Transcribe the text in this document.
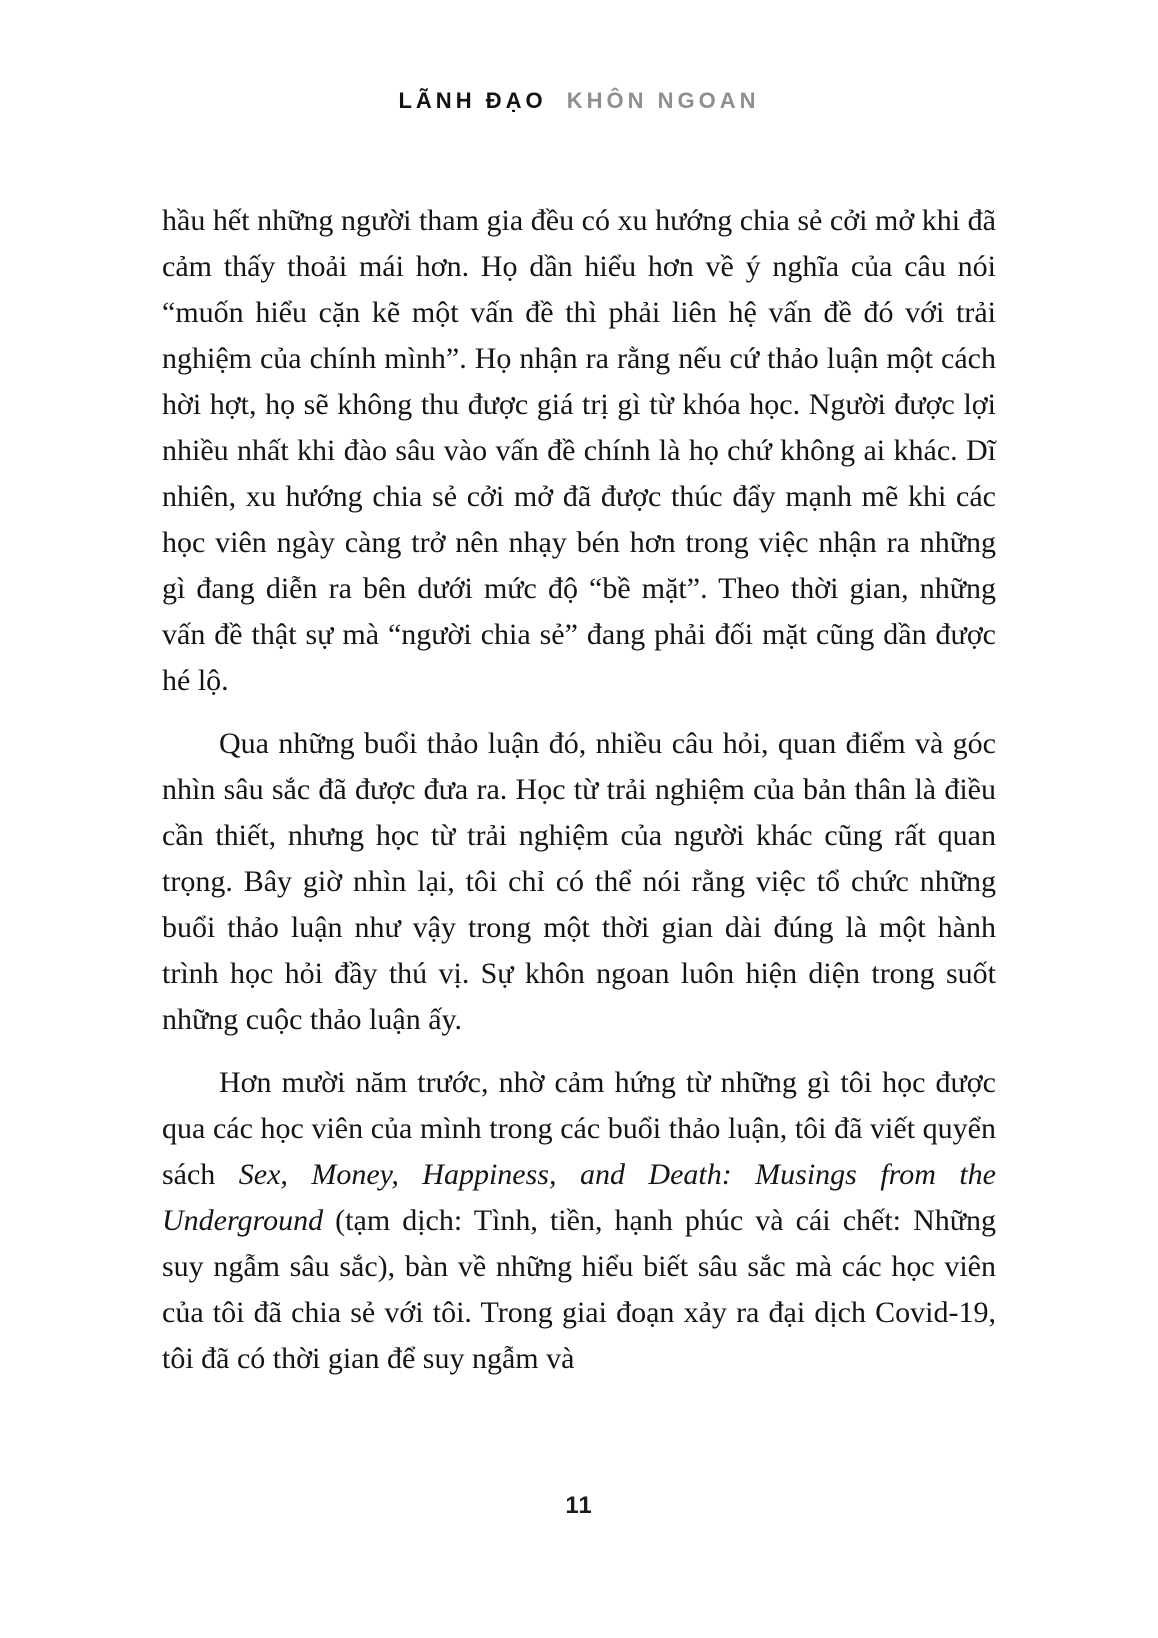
LÃNH ĐẠO KHÔN NGOAN

hầu hết những người tham gia đều có xu hướng chia sẻ cởi mở khi đã cảm thấy thoải mái hơn. Họ dần hiểu hơn về ý nghĩa của câu nói “muốn hiểu cặn kẽ một vấn đề thì phải liên hệ vấn đề đó với trải nghiệm của chính mình”. Họ nhận ra rằng nếu cứ thảo luận một cách hời hợt, họ sẽ không thu được giá trị gì từ khóa học. Người được lợi nhiều nhất khi đào sâu vào vấn đề chính là họ chứ không ai khác. Dĩ nhiên, xu hướng chia sẻ cởi mở đã được thúc đẩy mạnh mẽ khi các học viên ngày càng trở nên nhạy bén hơn trong việc nhận ra những gì đang diễn ra bên dưới mức độ “bề mặt”. Theo thời gian, những vấn đề thật sự mà “người chia sẻ” đang phải đối mặt cũng dần được hé lộ.

Qua những buổi thảo luận đó, nhiều câu hỏi, quan điểm và góc nhìn sâu sắc đã được đưa ra. Học từ trải nghiệm của bản thân là điều cần thiết, nhưng học từ trải nghiệm của người khác cũng rất quan trọng. Bây giờ nhìn lại, tôi chỉ có thể nói rằng việc tổ chức những buổi thảo luận như vậy trong một thời gian dài đúng là một hành trình học hỏi đầy thú vị. Sự khôn ngoan luôn hiện diện trong suốt những cuộc thảo luận ấy.

Hơn mười năm trước, nhờ cảm hứng từ những gì tôi học được qua các học viên của mình trong các buổi thảo luận, tôi đã viết quyển sách Sex, Money, Happiness, and Death: Musings from the Underground (tạm dịch: Tình, tiền, hạnh phúc và cái chết: Những suy ngẫm sâu sắc), bàn về những hiểu biết sâu sắc mà các học viên của tôi đã chia sẻ với tôi. Trong giai đoạn xảy ra đại dịch Covid-19, tôi đã có thời gian để suy ngẫm và

11
